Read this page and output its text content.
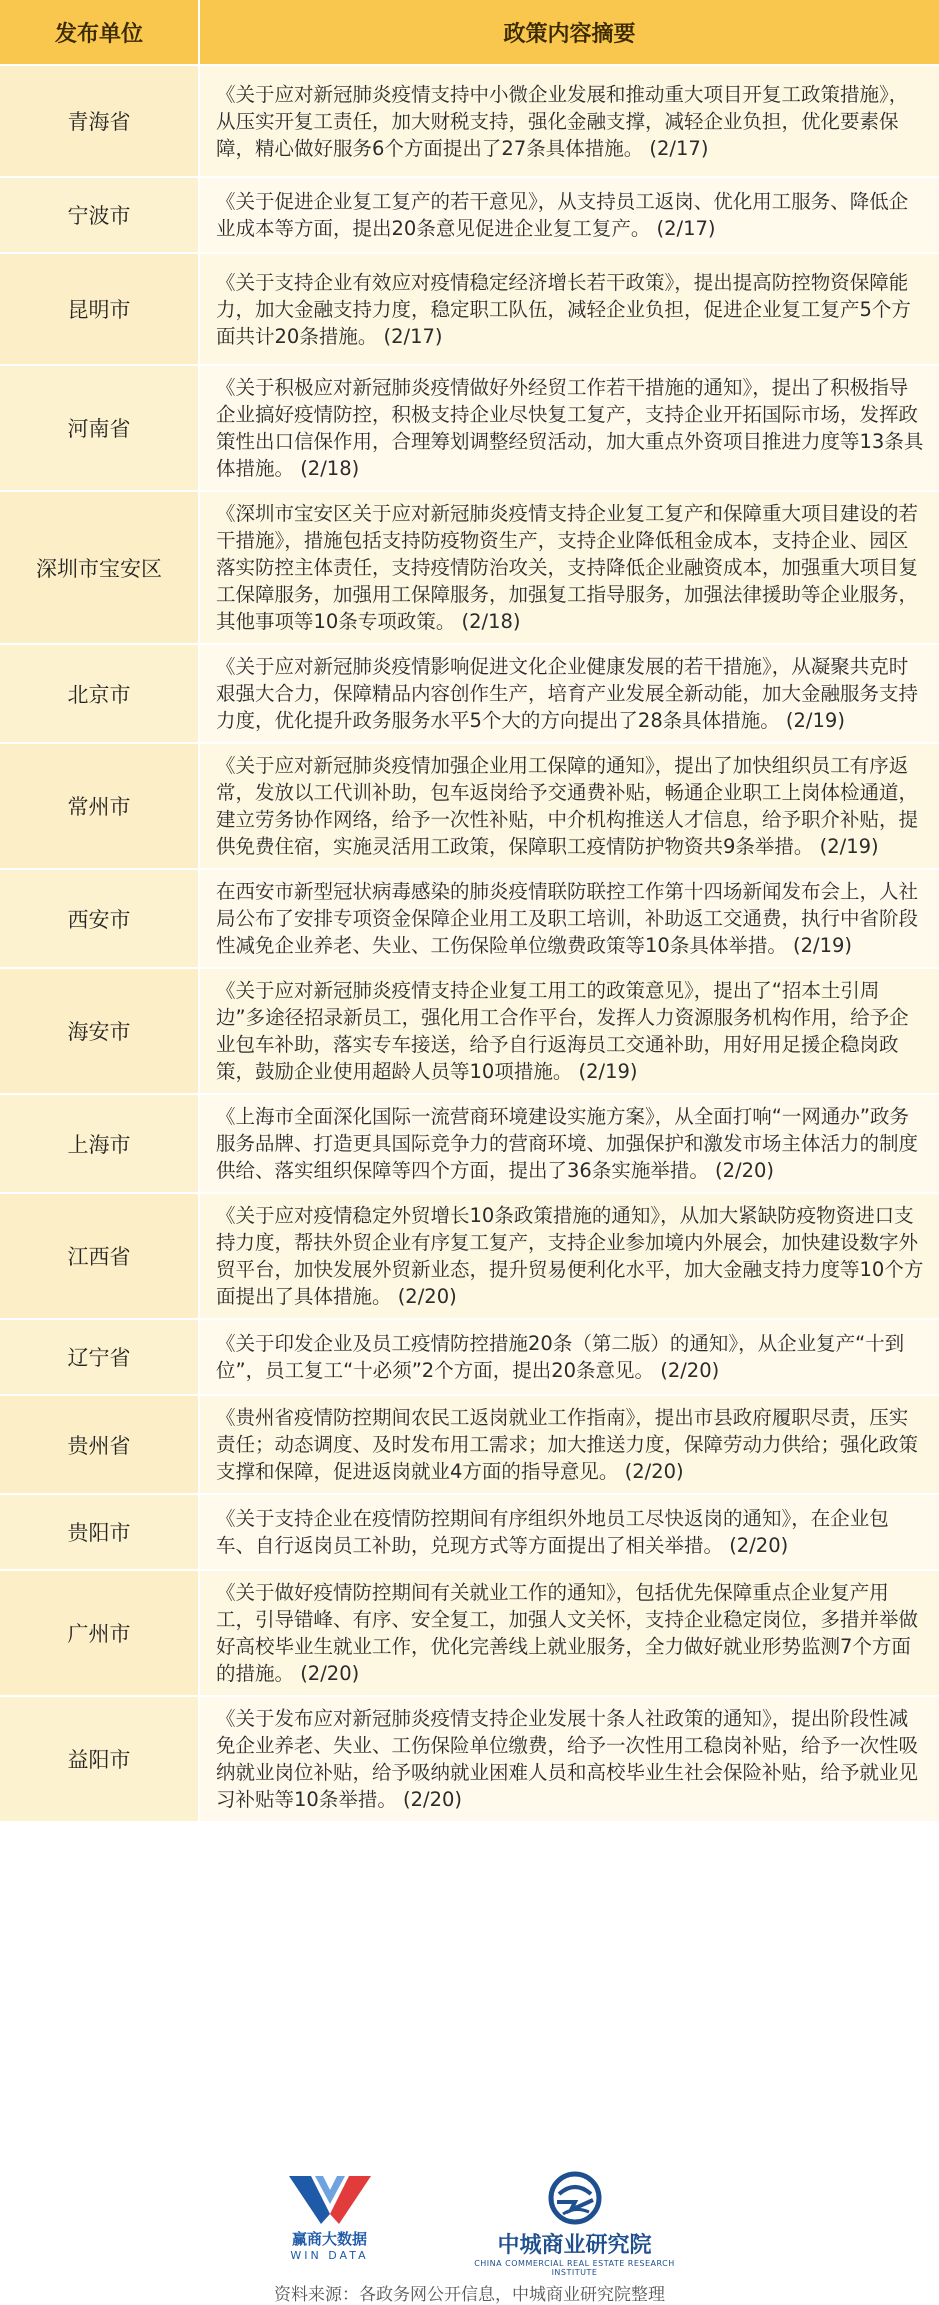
发布单位	政策内容摘要
青海省
《关于应对新冠肺炎疫情支持中小微企业发展和推动重大项目开复工政策措施》，从压实开复工责任，加大财税支持，强化金融支撑，减轻企业负担，优化要素保障，精心做好服务6个方面提出了27条具体措施。 (2/17)
宁波市
《关于促进企业复工复产的若干意见》，从支持员工返岗、优化用工服务、降低企业成本等方面，提出20条意见促进企业复工复产。 (2/17)
昆明市
《关于支持企业有效应对疫情稳定经济增长若干政策》，提出提高防控物资保障能力，加大金融支持力度，稳定职工队伍，减轻企业负担，促进企业复工复产5个方面共计20条措施。 (2/17)
河南省
《关于积极应对新冠肺炎疫情做好外经贸工作若干措施的通知》，提出了积极指导企业搞好疫情防控，积极支持企业尽快复工复产，支持企业开拓国际市场，发挥政策性出口信保作用，合理筹划调整经贸活动，加大重点外资项目推进力度等13条具体措施。 (2/18)
深圳市宝安区
《深圳市宝安区关于应对新冠肺炎疫情支持企业复工复产和保障重大项目建设的若干措施》，措施包括支持防疫物资生产，支持企业降低租金成本，支持企业、园区落实防控主体责任，支持疫情防治攻关，支持降低企业融资成本，加强重大项目复工保障服务，加强用工保障服务，加强复工指导服务，加强法律援助等企业服务，其他事项等10条专项政策。 (2/18)
北京市
《关于应对新冠肺炎疫情影响促进文化企业健康发展的若干措施》，从凝聚共克时艰强大合力，保障精品内容创作生产，培育产业发展全新动能，加大金融服务支持力度，优化提升政务服务水平5个大的方向提出了28条具体措施。 (2/19)
常州市
《关于应对新冠肺炎疫情加强企业用工保障的通知》，提出了加快组织员工有序返常，发放以工代训补助，包车返岗给予交通费补贴，畅通企业职工上岗体检通道，建立劳务协作网络，给予一次性补贴，中介机构推送人才信息，给予职介补贴，提供免费住宿，实施灵活用工政策，保障职工疫情防护物资共9条举措。 (2/19)
西安市
在西安市新型冠状病毒感染的肺炎疫情联防联控工作第十四场新闻发布会上，人社局公布了安排专项资金保障企业用工及职工培训，补助返工交通费，执行中省阶段性减免企业养老、失业、工伤保险单位缴费政策等10条具体举措。 (2/19)
海安市
《关于应对新冠肺炎疫情支持企业复工用工的政策意见》，提出了“招本土引周边”多途径招录新员工，强化用工合作平台，发挥人力资源服务机构作用，给予企业包车补助，落实专车接送，给予自行返海员工交通补助，用好用足援企稳岗政策，鼓励企业使用超龄人员等10项措施。 (2/19)
上海市
《上海市全面深化国际一流营商环境建设实施方案》，从全面打响“一网通办”政务服务品牌、打造更具国际竞争力的营商环境、加强保护和激发市场主体活力的制度供给、落实组织保障等四个方面，提出了36条实施举措。 (2/20)
江西省
《关于应对疫情稳定外贸增长10条政策措施的通知》，从加大紧缺防疫物资进口支持力度，帮扶外贸企业有序复工复产，支持企业参加境内外展会，加快建设数字外贸平台，加快发展外贸新业态，提升贸易便利化水平，加大金融支持力度等10个方面提出了具体措施。 (2/20)
辽宁省
《关于印发企业及员工疫情防控措施20条（第二版）的通知》，从企业复产“十到位”，员工复工“十必须”2个方面，提出20条意见。 (2/20)
贵州省
《贵州省疫情防控期间农民工返岗就业工作指南》，提出市县政府履职尽责，压实责任；动态调度、及时发布用工需求；加大推送力度，保障劳动力供给；强化政策支撑和保障，促进返岗就业4方面的指导意见。 (2/20)
贵阳市
《关于支持企业在疫情防控期间有序组织外地员工尽快返岗的通知》，在企业包车、自行返岗员工补助，兑现方式等方面提出了相关举措。 (2/20)
广州市
《关于做好疫情防控期间有关就业工作的通知》，包括优先保障重点企业复产用工，引导错峰、有序、安全复工，加强人文关怀，支持企业稳定岗位，多措并举做好高校毕业生就业工作，优化完善线上就业服务，全力做好就业形势监测7个方面的措施。 (2/20)
益阳市
《关于发布应对新冠肺炎疫情支持企业发展十条人社政策的通知》，提出阶段性减免企业养老、失业、工伤保险单位缴费，给予一次性用工稳岗补贴，给予一次性吸纳就业岗位补贴，给予吸纳就业困难人员和高校毕业生社会保险补贴，给予就业见习补贴等10条举措。 (2/20)
赢商大数据
WIN DATA	中城商业研究院
CHINA COMMERCIAL REAL ESTATE RESEARCH INSTITUTE
资料来源：各政务网公开信息，中城商业研究院整理
